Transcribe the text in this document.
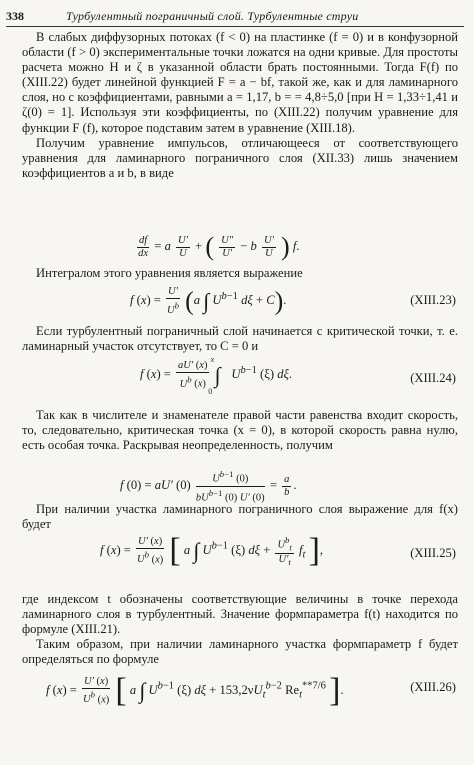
338	Турбулентный пограничный слой. Турбулентные струи

В слабых диффузорных потоках (f < 0) на пластинке (f = 0) и в конфузорной области (f > 0) экспериментальные точки ложатся на одни кривые. Для простоты расчета можно H и ζ в указанной области брать постоянными. Тогда F(f) по (XIII.22) будет линейной функцией F = a − bf, такой же, как и для ламинарного слоя, но с коэффициентами, равными a = 1,17, b = = 4,8÷5,0 [при H = 1,33÷1,41 и ζ(0) = 1]. Используя эти коэффициенты, по (XIII.22) получим уравнение для функции F (f), которое подставим затем в уравнение (XIII.18).

Получим уравнение импульсов, отличающееся от соответствующего уравнения для ламинарного пограничного слоя (XII.33) лишь значением коэффициентов a и b, в виде

$\frac{df}{dx} = a \frac{U'}{U}$ + ( $\frac{U''}{U'} - b \frac{U'}{U}$ ) f.

Интегралом этого уравнения является выражение

f $(x) = \frac{U'}{U^b} (a$ ∫ $U^{b-1}$ dξ + C).	(XIII.23)

Если турбулентный пограничный слой начинается с критической точки, т. е. ламинарный участок отсутствует, то C = 0 и

f $(x) = \frac{aU' (x)}{U^b (x)} \int^x_0$ $U^{b-1}$ (ξ) dξ.	(XIII.24)

Так как в числителе и знаменателе правой части равенства входит скорость, то, следовательно, критическая точка (x = 0), в которой скорость равна нулю, есть особая точка. Раскрывая неопределенность, получим

f (0) = aU′ $(0) \frac{U^{b-1} (0)}{bU^{b-1} (0) U' (0)} = \frac{a}{b}$ .

При наличии участка ламинарного пограничного слоя выражение для f(x) будет

f $(x) = \frac{U' (x)}{U^b (x)}$ [ a ∫ $U^{b-1}$ (ξ) $d\xi + \frac{U^b_t}{U'_t} f_t$ ],	(XIII.25)

где индексом t обозначены соответствующие величины в точке перехода ламинарного слоя в турбулентный. Значение формпараметра f(t) находится по формуле (XIII.21).

Таким образом, при наличии ламинарного участка формпараметр f будет определяться по формуле

f $(x) = \frac{U' (x)}{U^b (x)}$ [ a ∫ $U^{b-1}$ (ξ) $d\xi + 153,2\nu U_t^{b-2}$ $Re_t^{**7/6}$ ].	(XIII.26)
